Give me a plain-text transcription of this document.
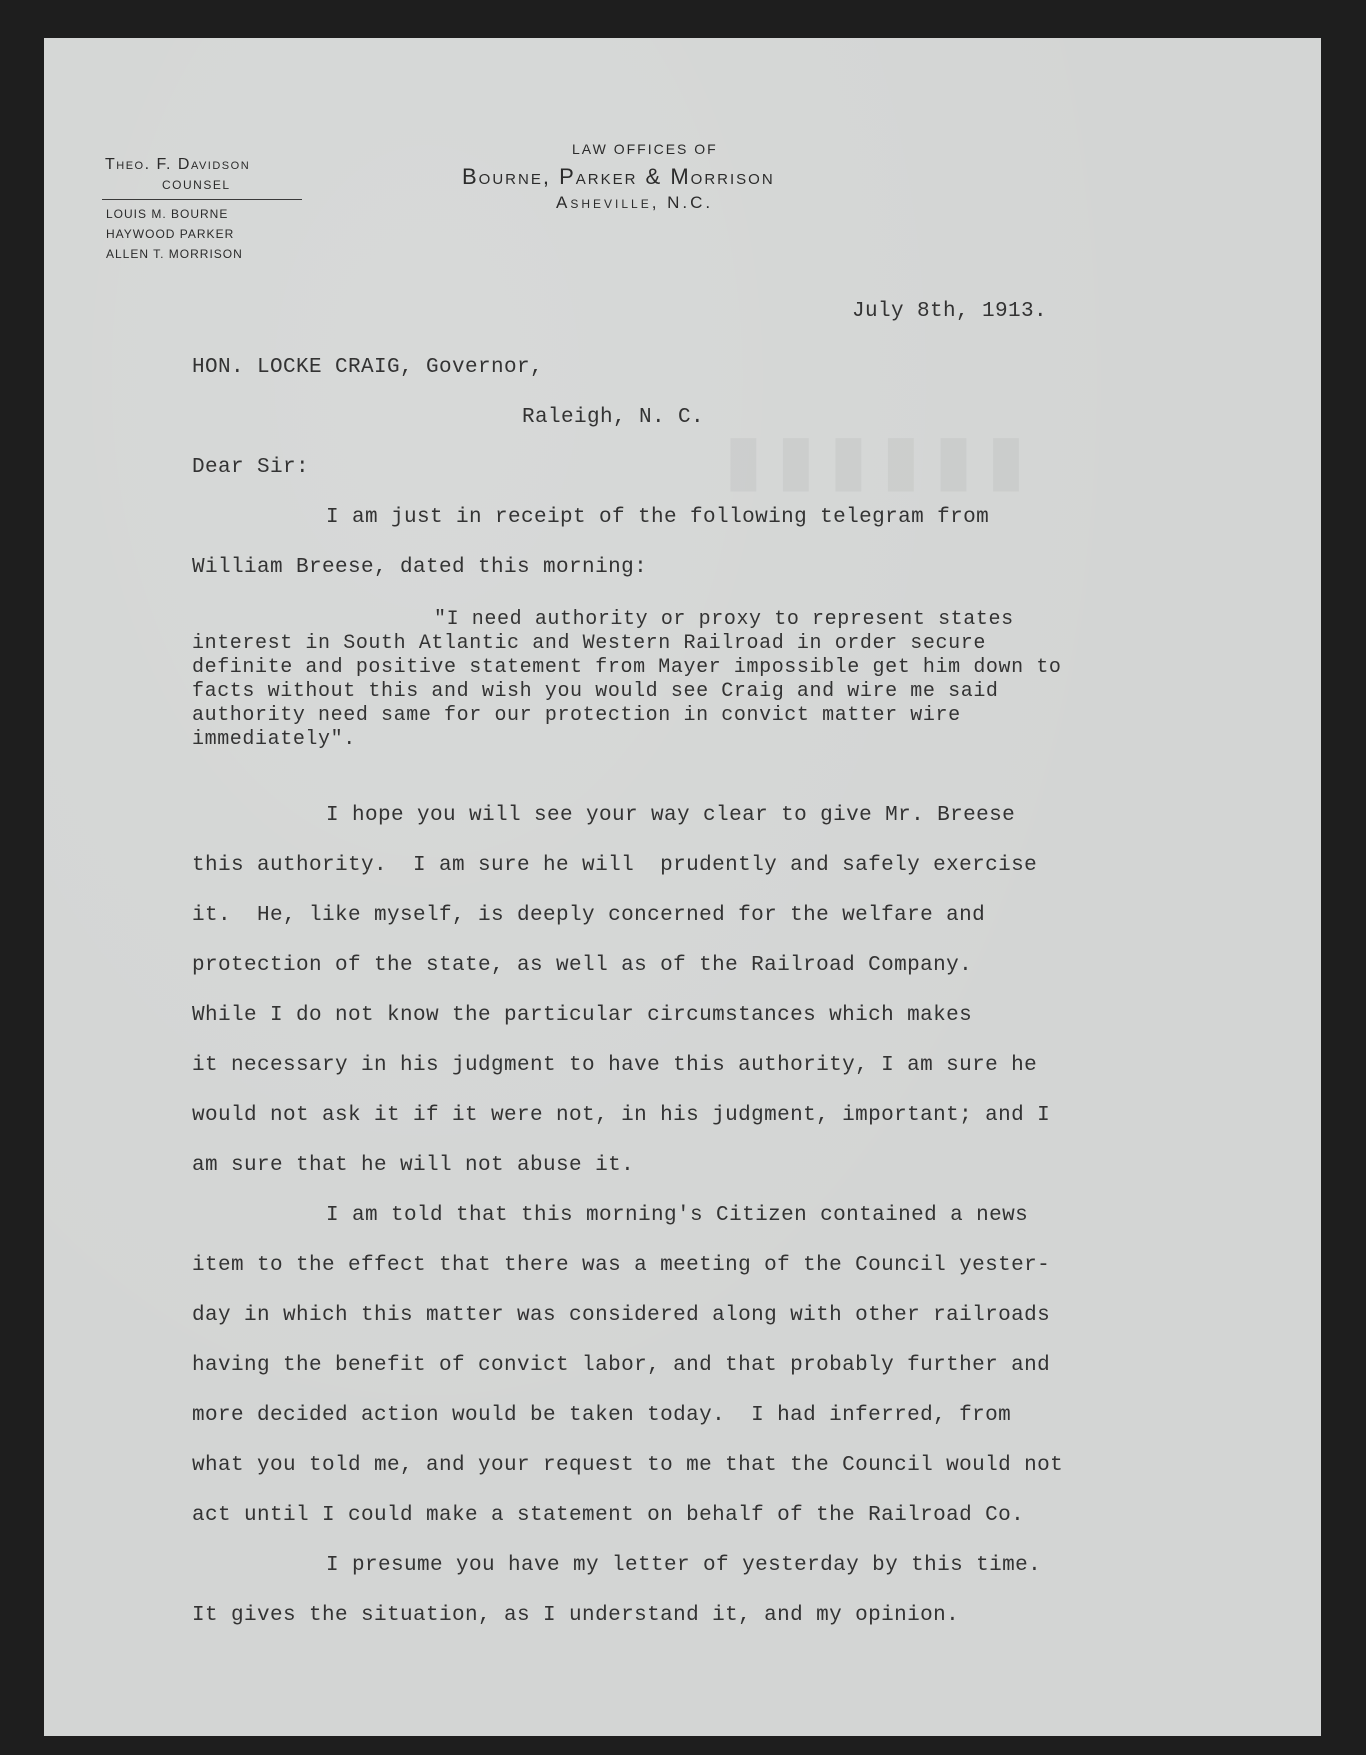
▮▮▮▮▮▮
Theo. F. Davidson
COUNSEL
LOUIS M. BOURNE
HAYWOOD PARKER
ALLEN T. MORRISON
LAW OFFICES OF
Bourne, Parker & Morrison
Asheville, N.C.
July 8th, 1913.
HON. LOCKE CRAIG, Governor,
Raleigh, N. C.
Dear Sir:
I am just in receipt of the following telegram from
William Breese, dated this morning:
"I need authority or proxy to represent states
interest in South Atlantic and Western Railroad in order secure
definite and positive statement from Mayer impossible get him down to
facts without this and wish you would see Craig and wire me said
authority need same for our protection in convict matter wire
immediately".
I hope you will see your way clear to give Mr. Breese
this authority.  I am sure he will  prudently and safely exercise
it.  He, like myself, is deeply concerned for the welfare and
protection of the state, as well as of the Railroad Company.
While I do not know the particular circumstances which makes
it necessary in his judgment to have this authority, I am sure he
would not ask it if it were not, in his judgment, important; and I
am sure that he will not abuse it.
I am told that this morning's Citizen contained a news
item to the effect that there was a meeting of the Council yester-
day in which this matter was considered along with other railroads
having the benefit of convict labor, and that probably further and
more decided action would be taken today.  I had inferred, from
what you told me, and your request to me that the Council would not
act until I could make a statement on behalf of the Railroad Co.
I presume you have my letter of yesterday by this time.
It gives the situation, as I understand it, and my opinion.
